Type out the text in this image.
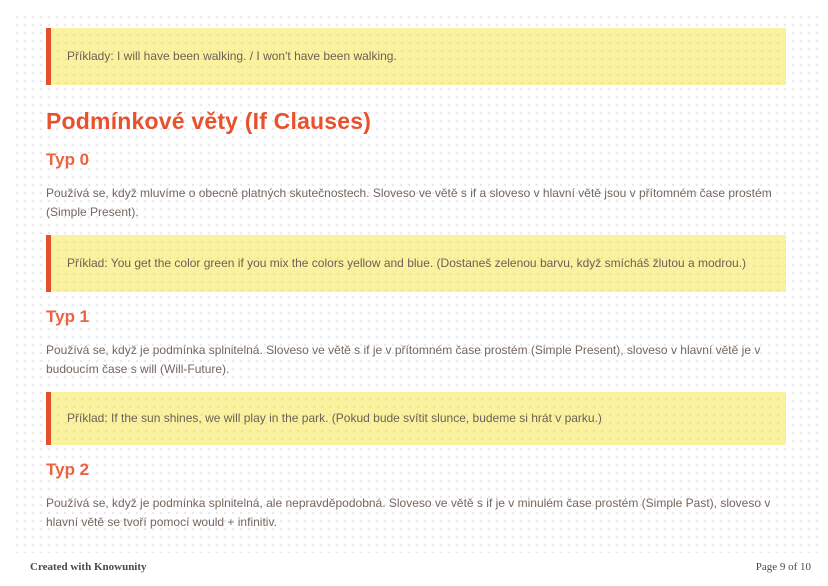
Příklady: I will have been walking. / I won't have been walking.

Podmínkové věty (If Clauses)
Typ 0

Používá se, když mluvíme o obecně platných skutečnostech. Sloveso ve větě s if a sloveso v hlavní větě jsou v přítomném čase prostém (Simple Present).

Příklad: You get the color green if you mix the colors yellow and blue. (Dostaneš zelenou barvu, když smícháš žlutou a modrou.)

Typ 1

Používá se, když je podmínka splnitelná. Sloveso ve větě s if je v přítomném čase prostém (Simple Present), sloveso v hlavní větě je v budoucím čase s will (Will-Future).

Příklad: If the sun shines, we will play in the park. (Pokud bude svítit slunce, budeme si hrát v parku.)

Typ 2

Používá se, když je podmínka splnitelná, ale nepravděpodobná. Sloveso ve větě s if je v minulém čase prostém (Simple Past), sloveso v hlavní větě se tvoří pomocí would + infinitiv.

Created with Knowunity	Page 9 of 10
